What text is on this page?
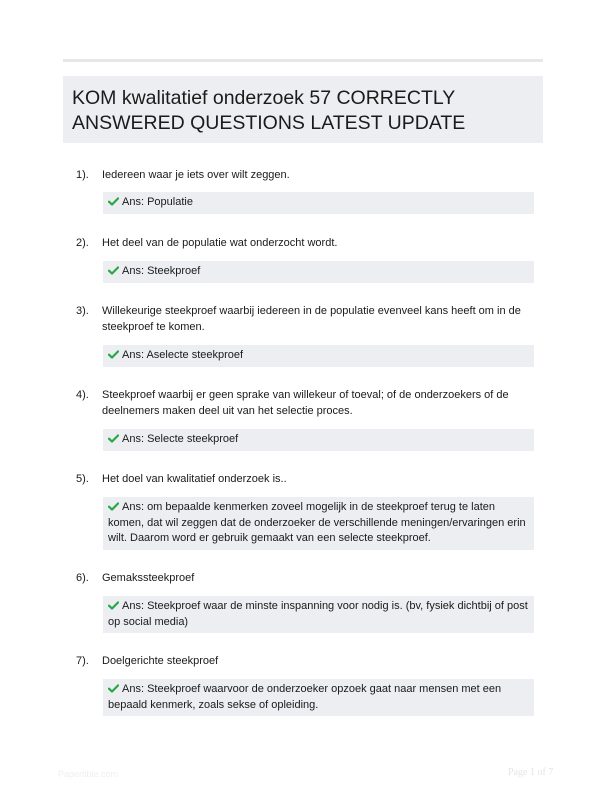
KOM kwalitatief onderzoek 57 CORRECTLY ANSWERED QUESTIONS LATEST UPDATE
1). Iedereen waar je iets over wilt zeggen.

Ans: Populatie
2). Het deel van de populatie wat onderzocht wordt.

Ans: Steekproef
3). Willekeurige steekproef waarbij iedereen in de populatie evenveel kans heeft om in de steekproef te komen.

Ans: Aselecte steekproef
4). Steekproef waarbij er geen sprake van willekeur of toeval; of de onderzoekers of de deelnemers maken deel uit van het selectie proces.

Ans: Selecte steekproef
5). Het doel van kwalitatief onderzoek is..

Ans: om bepaalde kenmerken zoveel mogelijk in de steekproef terug te laten komen, dat wil zeggen dat de onderzoeker de verschillende meningen/ervaringen erin wilt. Daarom word er gebruik gemaakt van een selecte steekproef.
6). Gemakssteekproef

Ans: Steekproef waar de minste inspanning voor nodig is. (bv, fysiek dichtbij of post op social media)
7). Doelgerichte steekproef

Ans: Steekproef waarvoor de onderzoeker opzoek gaat naar mensen met een bepaald kenmerk, zoals sekse of opleiding.
Papertible.com	Page 1 of 7
